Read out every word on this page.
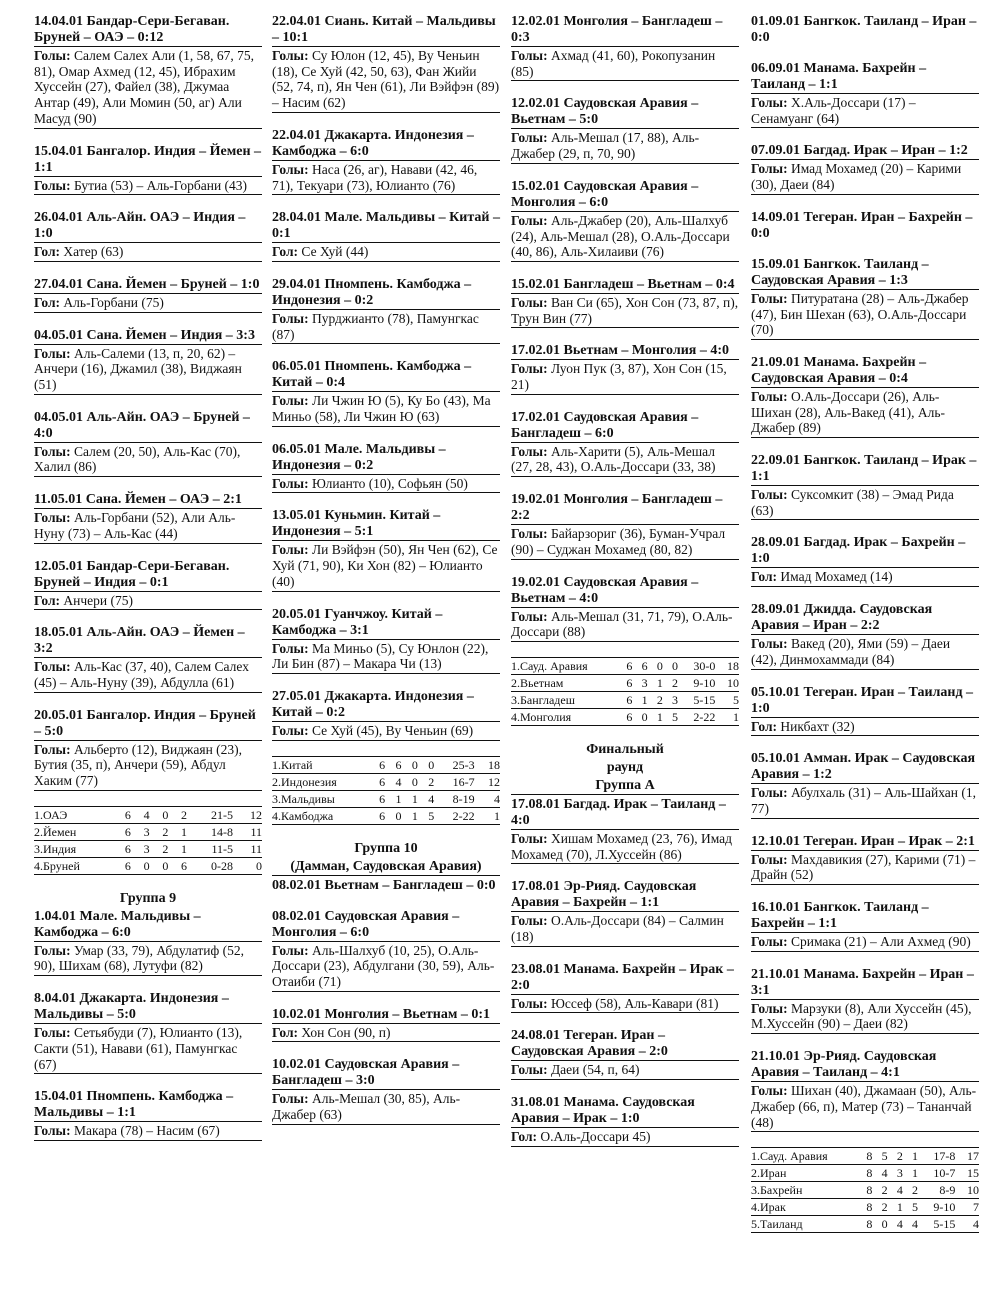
14.04.01 Бандар-Сери-Бегаван. Бруней – ОАЭ – 0:12
Голы: Салем Салех Али (1, 58, 67, 75, 81), Омар Ахмед (12, 45), Ибрахим Хуссейн (27), Файел (38), Джумаа Антар (49), Али Момин (50, аг) Али Масуд (90)
15.04.01 Бангалор. Индия – Йемен – 1:1
Голы: Бутиа (53) – Аль-Горбани (43)
26.04.01 Аль-Айн. ОАЭ – Индия – 1:0
Гол: Хатер (63)
27.04.01 Сана. Йемен – Бруней – 1:0
Гол: Аль-Горбани (75)
04.05.01 Сана. Йемен – Индия – 3:3
Голы: Аль-Салеми (13, п, 20, 62) – Анчери (16), Джамил (38), Виджаян (51)
04.05.01 Аль-Айн. ОАЭ – Бруней – 4:0
Голы: Салем (20, 50), Аль-Кас (70), Халил (86)
11.05.01 Сана. Йемен – ОАЭ – 2:1
Голы: Аль-Горбани (52), Али Аль-Нуну (73) – Аль-Кас (44)
12.05.01 Бандар-Сери-Бегаван. Бруней – Индия – 0:1
Гол: Анчери (75)
18.05.01 Аль-Айн. ОАЭ – Йемен – 3:2
Голы: Аль-Кас (37, 40), Салем Салех (45) – Аль-Нуну (39), Абдулла (61)
20.05.01 Бангалор. Индия – Бруней – 5:0
Голы: Альберто (12), Виджаян (23), Бутия (35, п), Анчери (59), Абдул Хаким (77)
1.ОАЭ	6	4	0	2	21-5	12
2.Йемен	6	3	2	1	14-8	11
3.Индия	6	3	2	1	11-5	11
4.Бруней	6	0	0	6	0-28	0
Группа 9
1.04.01 Мале. Мальдивы – Камбоджа – 6:0
Голы: Умар (33, 79), Абдулатиф (52, 90), Шихам (68), Лутуфи (82)
8.04.01 Джакарта. Индонезия – Мальдивы – 5:0
Голы: Сетьябуди (7), Юлианто (13), Сакти (51), Навави (61), Памунгкас (67)
15.04.01 Пномпень. Камбоджа – Мальдивы – 1:1
Голы: Макара (78) – Насим (67)
22.04.01 Сиань. Китай – Мальдивы – 10:1
Голы: Су Юлон (12, 45), Ву Ченьин (18), Се Хуй (42, 50, 63), Фан Жийи (52, 74, п), Ян Чен (61), Ли Вэйфэн (89) – Насим (62)
22.04.01 Джакарта. Индонезия – Камбоджа – 6:0
Голы: Наса (26, аг), Навави (42, 46, 71), Текуари (73), Юлианто (76)
28.04.01 Мале. Мальдивы – Китай – 0:1
Гол: Се Хуй (44)
29.04.01 Пномпень. Камбоджа – Индонезия – 0:2
Голы: Пурджианто (78), Памунгкас (87)
06.05.01 Пномпень. Камбоджа – Китай – 0:4
Голы: Ли Чжин Ю (5), Ку Бо (43), Ма Миньо (58), Ли Чжин Ю (63)
06.05.01 Мале. Мальдивы – Индонезия – 0:2
Голы: Юлианто (10), Софьян (50)
13.05.01 Куньмин. Китай – Индонезия – 5:1
Голы: Ли Вэйфэн (50), Ян Чен (62), Се Хуй (71, 90), Ки Хон (82) – Юлианто (40)
20.05.01 Гуанчжоу. Китай – Камбоджа – 3:1
Голы: Ма Миньо (5), Су Юнлон (22), Ли Бин (87) – Макара Чи (13)
27.05.01 Джакарта. Индонезия – Китай – 0:2
Голы: Се Хуй (45), Ву Ченьин (69)
1.Китай	6	6	0	0	25-3	18
2.Индонезия	6	4	0	2	16-7	12
3.Мальдивы	6	1	1	4	8-19	4
4.Камбоджа	6	0	1	5	2-22	1
Группа 10
(Дамман, Саудовская Аравия)
08.02.01 Вьетнам – Бангладеш – 0:0
08.02.01 Саудовская Аравия – Монголия – 6:0
Голы: Аль-Шалхуб (10, 25), О.Аль-Доссари (23), Абдулгани (30, 59), Аль-Отаиби (71)
10.02.01 Монголия – Вьетнам – 0:1
Гол: Хон Сон (90, п)
10.02.01 Саудовская Аравия – Бангладеш – 3:0
Голы: Аль-Мешал (30, 85), Аль-Джабер (63)
12.02.01 Монголия – Бангладеш – 0:3
Голы: Ахмад (41, 60), Рокопузанин (85)
12.02.01 Саудовская Аравия – Вьетнам – 5:0
Голы: Аль-Мешал (17, 88), Аль-Джабер (29, п, 70, 90)
15.02.01 Саудовская Аравия – Монголия – 6:0
Голы: Аль-Джабер (20), Аль-Шалхуб (24), Аль-Мешал (28), О.Аль-Доссари (40, 86), Аль-Хилаиви (76)
15.02.01 Бангладеш – Вьетнам – 0:4
Голы: Ван Си (65), Хон Сон (73, 87, п), Трун Вин (77)
17.02.01 Вьетнам – Монголия – 4:0
Голы: Луон Пук (3, 87), Хон Сон (15, 21)
17.02.01 Саудовская Аравия – Бангладеш – 6:0
Голы: Аль-Харити (5), Аль-Мешал (27, 28, 43), О.Аль-Доссари (33, 38)
19.02.01 Монголия – Бангладеш – 2:2
Голы: Байарзориг (36), Буман-Учрал (90) – Суджан Мохамед (80, 82)
19.02.01 Саудовская Аравия – Вьетнам – 4:0
Голы: Аль-Мешал (31, 71, 79), О.Аль-Доссари (88)
1.Сауд. Аравия	6	6	0	0	30-0	18
2.Вьетнам	6	3	1	2	9-10	10
3.Бангладеш	6	1	2	3	5-15	5
4.Монголия	6	0	1	5	2-22	1
Финальный
раунд
Группа А
17.08.01 Багдад. Ирак – Таиланд – 4:0
Голы: Хишам Мохамед (23, 76), Имад Мохамед (70), Л.Хуссейн (86)
17.08.01 Эр-Рияд. Саудовская Аравия – Бахрейн – 1:1
Голы: О.Аль-Доссари (84) – Салмин (18)
23.08.01 Манама. Бахрейн – Ирак – 2:0
Голы: Юссеф (58), Аль-Кавари (81)
24.08.01 Тегеран. Иран – Саудовская Аравия – 2:0
Голы: Даеи (54, п, 64)
31.08.01 Манама. Саудовская Аравия – Ирак – 1:0
Гол: О.Аль-Доссари 45)
01.09.01 Бангкок. Таиланд – Иран – 0:0
06.09.01 Манама. Бахрейн – Таиланд – 1:1
Голы: Х.Аль-Доссари (17) – Сенамуанг (64)
07.09.01 Багдад. Ирак – Иран – 1:2
Голы: Имад Мохамед (20) – Карими (30), Даеи (84)
14.09.01 Тегеран. Иран – Бахрейн – 0:0
15.09.01 Бангкок. Таиланд – Саудовская Аравия – 1:3
Голы: Питуратана (28) – Аль-Джабер (47), Бин Шехан (63), О.Аль-Доссари (70)
21.09.01 Манама. Бахрейн – Саудовская Аравия – 0:4
Голы: О.Аль-Доссари (26), Аль-Шихан (28), Аль-Вакед (41), Аль-Джабер (89)
22.09.01 Бангкок. Таиланд – Ирак – 1:1
Голы: Суксомкит (38) – Эмад Рида (63)
28.09.01 Багдад. Ирак – Бахрейн – 1:0
Гол: Имад Мохамед (14)
28.09.01 Джидда. Саудовская Аравия – Иран – 2:2
Голы: Вакед (20), Ями (59) – Даеи (42), Динмохаммади (84)
05.10.01 Тегеран. Иран – Таиланд – 1:0
Гол: Никбахт (32)
05.10.01 Амман. Ирак – Саудовская Аравия – 1:2
Голы: Абулхаль (31) – Аль-Шайхан (1, 77)
12.10.01 Тегеран. Иран – Ирак – 2:1
Голы: Махдавикия (27), Карими (71) – Драйн (52)
16.10.01 Бангкок. Таиланд – Бахрейн – 1:1
Голы: Сримака (21) – Али Ахмед (90)
21.10.01 Манама. Бахрейн – Иран – 3:1
Голы: Марзуки (8), Али Хуссейн (45), М.Хуссейн (90) – Даеи (82)
21.10.01 Эр-Рияд. Саудовская Аравия – Таиланд – 4:1
Голы: Шихан (40), Джамаан (50), Аль-Джабер (66, п), Матер (73) – Тананчай (48)
1.Сауд. Аравия	8	5	2	1	17-8	17
2.Иран	8	4	3	1	10-7	15
3.Бахрейн	8	2	4	2	8-9	10
4.Ирак	8	2	1	5	9-10	7
5.Таиланд	8	0	4	4	5-15	4
